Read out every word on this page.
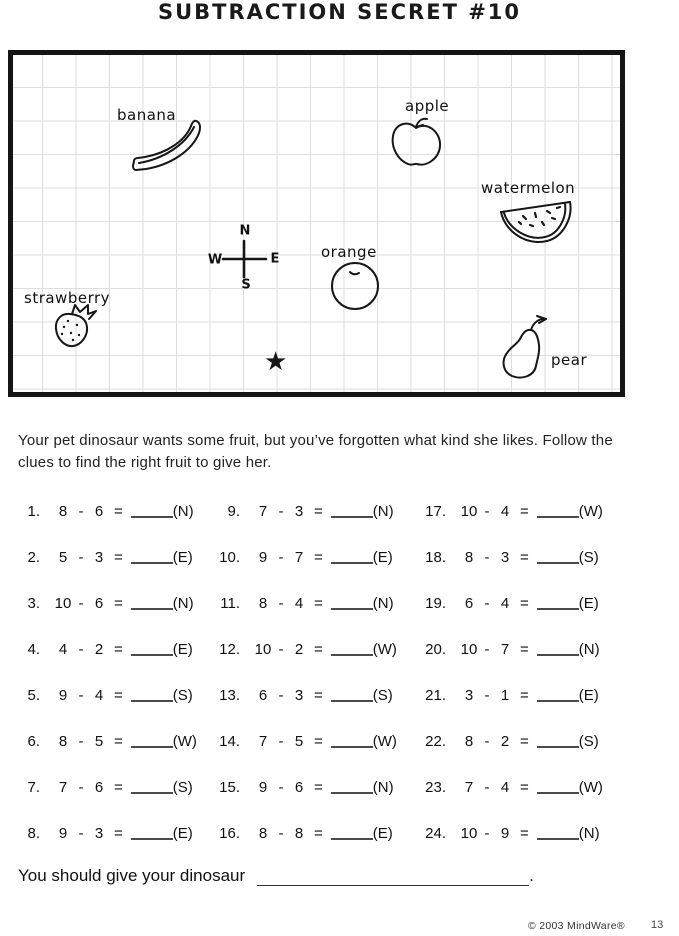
SUBTRACTION SECRET #10
banana	apple
watermelon
N
W	E
S
orange
strawberry
★	pear
Your pet dinosaur wants some fruit, but you’ve forgotten what kind she likes. Follow the clues to find the right fruit to give her.
1.	8 - 6 =	(N)
2.	5 - 3 =	(E)
3. 10 - 6 =	(N)
4.	4 - 2 =	(E)
5.	9 - 4 =	(S)
6.	8 - 5 =	(W)
7.	7 - 6 =	(S)
8.	9 - 3 =	(E)
9.	7 - 3 =	(N)
10.	9 - 7 =	(E)
11.	8 - 4 =	(N)
12. 10 - 2 =	(W)
13.	6 - 3 =	(S)
14.	7 - 5 =	(W)
15.	9 - 6 =	(N)
16.	8 - 8 =	(E)
17. 10 - 4 =	(W)
18.	8 - 3 =	(S)
19.	6 - 4 =	(E)
20. 10 - 7 =	(N)
21.	3 - 1 =	(E)
22.	8 - 2 =	(S)
23.	7 - 4 =	(W)
24. 10 - 9 =	(N)
You should give your dinosaur	.
© 2003 MindWare® 13
